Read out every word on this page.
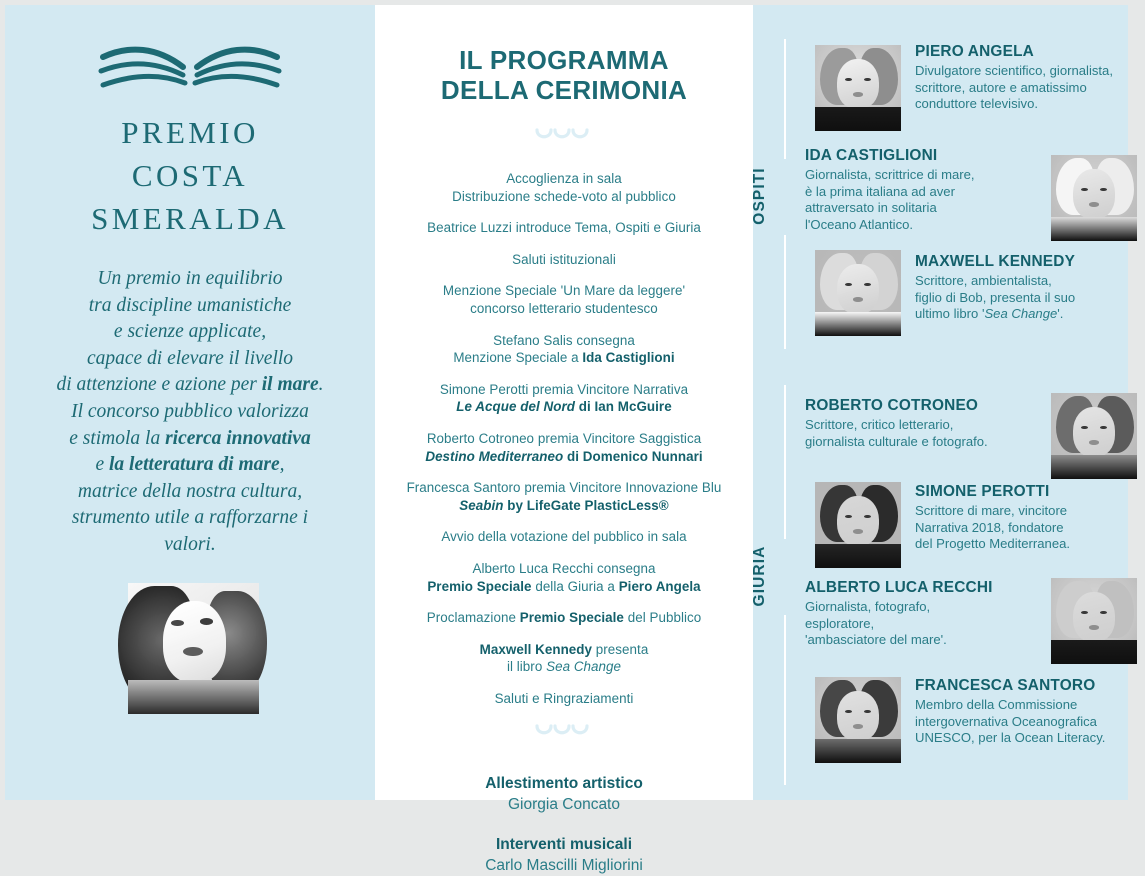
PREMIO
COSTA
SMERALDA
Un premio in equilibrio
tra discipline umanistiche
e scienze applicate,
capace di elevare il livello
di attenzione e azione per il mare.
Il concorso pubblico valorizza
e stimola la ricerca innovativa
e la letteratura di mare,
matrice della nostra cultura,
strumento utile a rafforzarne i valori.
IL PROGRAMMA
DELLA CERIMONIA
Accoglienza in sala
Distribuzione schede-voto al pubblico
Beatrice Luzzi introduce Tema, Ospiti e Giuria
Saluti istituzionali
Menzione Speciale 'Un Mare da leggere'
concorso letterario studentesco
Stefano Salis consegna
Menzione Speciale a Ida Castiglioni
Simone Perotti premia Vincitore Narrativa
Le Acque del Nord di Ian McGuire
Roberto Cotroneo premia Vincitore Saggistica
Destino Mediterraneo di Domenico Nunnari
Francesca Santoro premia Vincitore Innovazione Blu
Seabin by LifeGate PlasticLess®
Avvio della votazione del pubblico in sala
Alberto Luca Recchi consegna
Premio Speciale della Giuria a Piero Angela
Proclamazione Premio Speciale del Pubblico
Maxwell Kennedy presenta
il libro Sea Change
Saluti e Ringraziamenti
Allestimento artistico
Giorgia Concato
Interventi musicali
Carlo Mascilli Migliorini
OSPITI
PIERO ANGELA
Divulgatore scientifico, giornalista,
scrittore, autore e amatissimo
conduttore televisivo.
IDA CASTIGLIONI
Giornalista, scrittrice di mare,
è la prima italiana ad aver
attraversato in solitaria
l'Oceano Atlantico.
MAXWELL KENNEDY
Scrittore, ambientalista,
figlio di Bob, presenta il suo
ultimo libro 'Sea Change'.
GIURIA
ROBERTO COTRONEO
Scrittore, critico letterario,
giornalista culturale e fotografo.
SIMONE PEROTTI
Scrittore di mare, vincitore
Narrativa 2018, fondatore
del Progetto Mediterranea.
ALBERTO LUCA RECCHI
Giornalista, fotografo,
esploratore,
'ambasciatore del mare'.
FRANCESCA SANTORO
Membro della Commissione
intergovernativa Oceanografica
UNESCO, per la Ocean Literacy.
